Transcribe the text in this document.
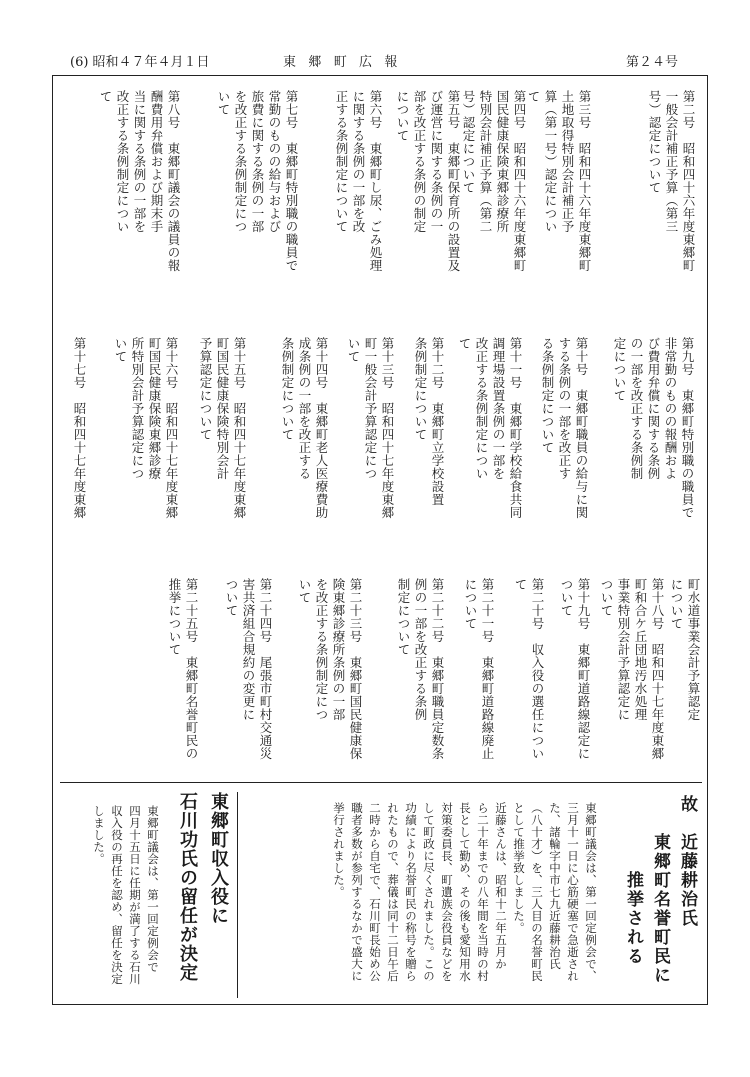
(6) 昭和４７年４月１日	東郷町広報	第２４号
第二号　昭和四十六年度東郷町
一般会計補正予算（第三
号）認定について
第三号　昭和四十六年度東郷町
土地取得特別会計補正予
算（第一号）認定につい
て
第四号　昭和四十六年度東郷町
国民健康保険東郷診療所
特別会計補正予算（第二
号）認定について
第五号　東郷町保育所の設置及
び運営に関する条例の一
部を改正する条例の制定
について
第六号　東郷町し尿、ごみ処理
に関する条例の一部を改
正する条例制定について
第七号　東郷町特別職の職員で
常勤のものの給与および
旅費に関する条例の一部
を改正する条例制定につ
いて
第八号　東郷町議会の議員の報
酬費用弁償および期末手
当に関する条例の一部を
改正する条例制定につい
て
第九号　東郷町特別職の職員で
非常勤のものの報酬およ
び費用弁償に関する条例
の一部を改正する条例制
定について
第十号　東郷町職員の給与に関
する条例の一部を改正す
る条例制定について
第十一号　東郷町学校給食共同
調理場設置条例の一部を
改正する条例制定につい
て
第十二号　東郷町立学校設置
条例制定について
第十三号　昭和四十七年度東郷
町一般会計予算認定につ
いて
第十四号　東郷町老人医療費助
成条例の一部を改正する
条例制定について
第十五号　昭和四十七年度東郷
町国民健康保険特別会計
予算認定について
第十六号　昭和四十七年度東郷
町国民健康保険東郷診療
所特別会計予算認定につ
いて
第十七号　昭和四十七年度東郷
町水道事業会計予算認定
について
第十八号　昭和四十七年度東郷
町和合ケ丘団地汚水処理
事業特別会計予算認定に
ついて
第十九号　東郷町道路線認定に
ついて
第二十号　収入役の選任につい
て
第二十一号　東郷町道路線廃止
について
第二十二号　東郷町職員定数条
例の一部を改正する条例
制定について
第二十三号　東郷町国民健康保
険東郷診療所条例の一部
を改正する条例制定につ
いて
第二十四号　尾張市町村交通災
害共済組合規約の変更に
ついて
第二十五号　東郷町名誉町民の
推挙について
故　近藤耕治氏
　　東郷町名誉町民に
　　　　推挙される
東郷町議会は、第一回定例会で、
三月十一日に心筋硬塞で急逝され
た、諸輪字中市七九近藤耕治氏
（八十才）を、三人目の名誉町民
として推挙致しました。
近藤さんは、昭和十二年五月か
ら二十年までの八年間を当時の村
長として勤め、その後も愛知用水
対策委員長、町遺族会役員などを
して町政に尽くされました。この
功績により名誉町民の称号を贈ら
れたもので、葬儀は同十二日午后
二時から自宅で、石川町長始め公
職者多数が参列するなかで盛大に
挙行されました。
東郷町収入役に
石川功氏の留任が決定
東郷町議会は、第一回定例会で
四月十五日に任期が満了する石川
収入役の再任を認め、留任を決定
しました。
